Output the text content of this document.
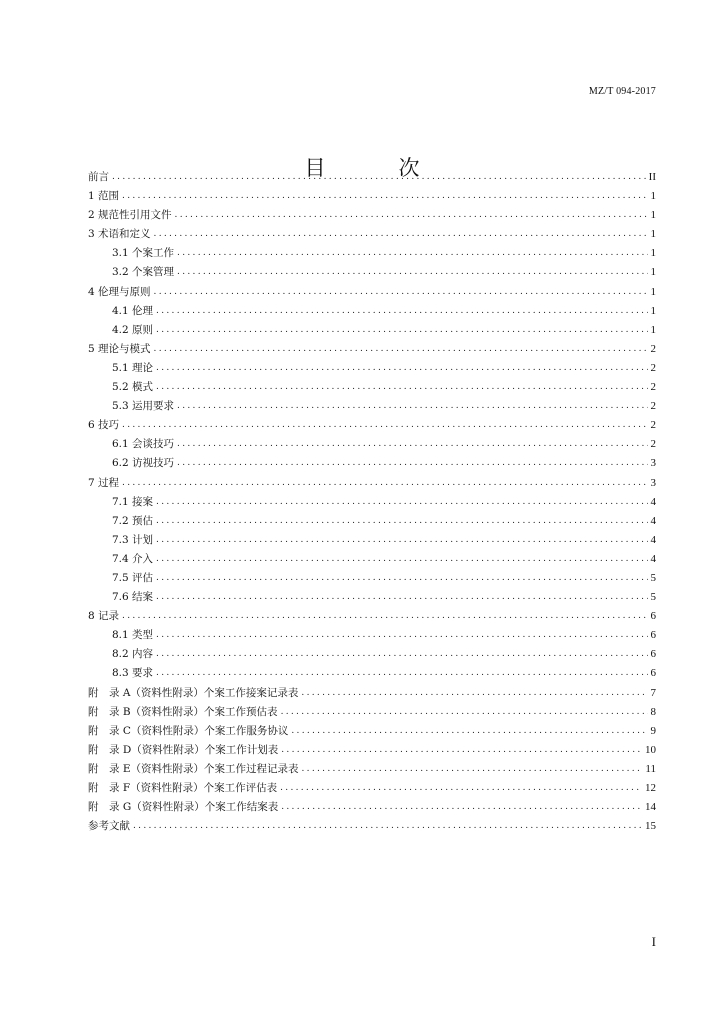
MZ/T 094-2017
目　次
前言 .....	II
1 范围 .....	1
2 规范性引用文件 .....	1
3 术语和定义 .....	1
3.1 个案工作 .....	1
3.2 个案管理 .....	1
4 伦理与原则 .....	1
4.1 伦理 .....	1
4.2 原则 .....	1
5 理论与模式 .....	2
5.1 理论 .....	2
5.2 模式 .....	2
5.3 运用要求 .....	2
6 技巧 .....	2
6.1 会谈技巧 .....	2
6.2 访视技巧 .....	3
7 过程 .....	3
7.1 接案 .....	4
7.2 预估 .....	4
7.3 计划 .....	4
7.4 介入 .....	4
7.5 评估 .....	5
7.6 结案 .....	5
8 记录 .....	6
8.1 类型 .....	6
8.2 内容 .....	6
8.3 要求 .....	6
附　录 A（资料性附录）个案工作接案记录表 .....	7
附　录 B（资料性附录）个案工作预估表 .....	8
附　录 C（资料性附录）个案工作服务协议 .....	9
附　录 D（资料性附录）个案工作计划表 .....	10
附　录 E（资料性附录）个案工作过程记录表 .....	11
附　录 F（资料性附录）个案工作评估表 .....	12
附　录 G（资料性附录）个案工作结案表 .....	14
参考文献 .....	15
I
